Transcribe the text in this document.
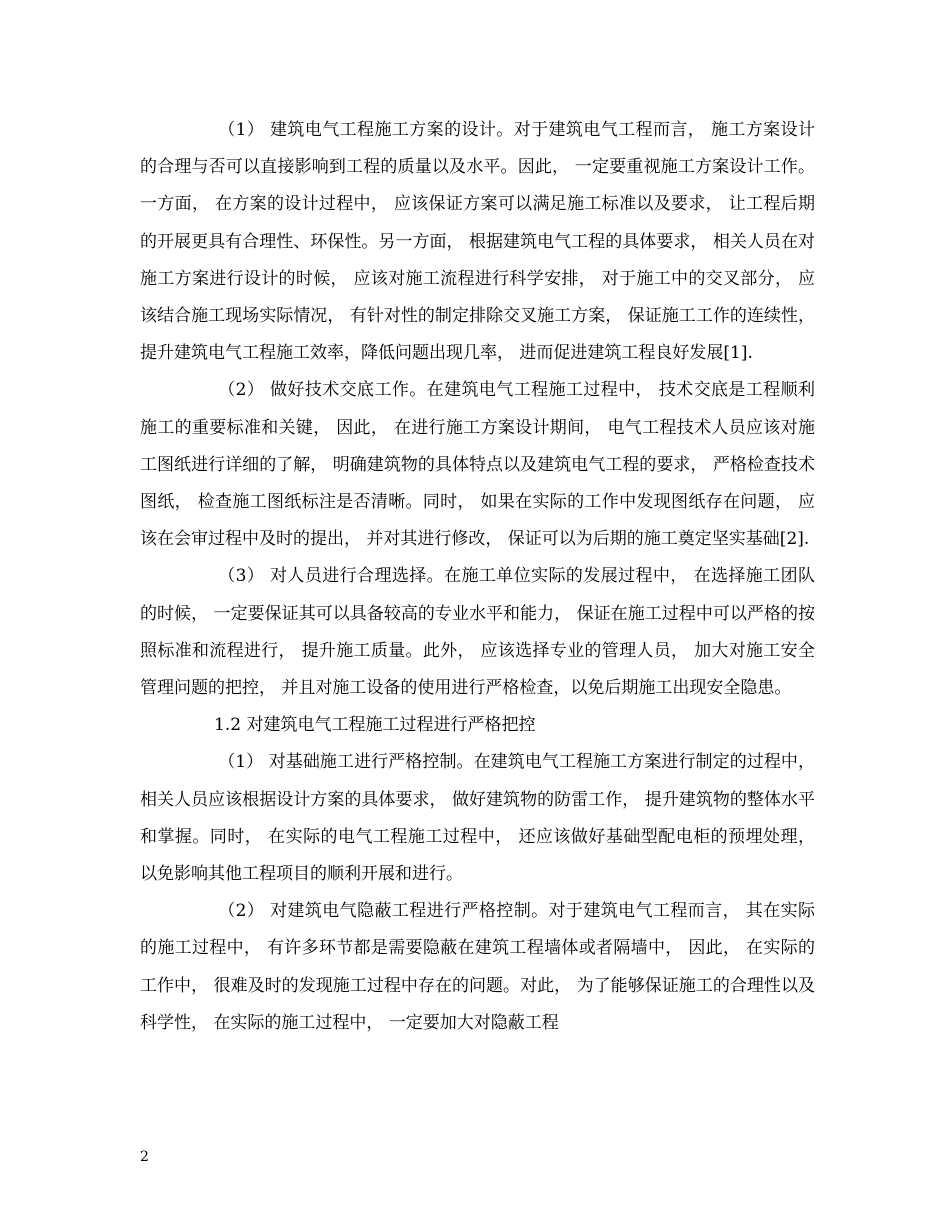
（1） 建筑电气工程施工方案的设计。对于建筑电气工程而言， 施工方案设计的合理与否可以直接影响到工程的质量以及水平。因此， 一定要重视施工方案设计工作。一方面， 在方案的设计过程中， 应该保证方案可以满足施工标准以及要求， 让工程后期的开展更具有合理性、环保性。另一方面， 根据建筑电气工程的具体要求， 相关人员在对施工方案进行设计的时候， 应该对施工流程进行科学安排， 对于施工中的交叉部分， 应该结合施工现场实际情况， 有针对性的制定排除交叉施工方案， 保证施工工作的连续性， 提升建筑电气工程施工效率，降低问题出现几率， 进而促进建筑工程良好发展[1].

（2） 做好技术交底工作。在建筑电气工程施工过程中， 技术交底是工程顺利施工的重要标准和关键， 因此， 在进行施工方案设计期间， 电气工程技术人员应该对施工图纸进行详细的了解， 明确建筑物的具体特点以及建筑电气工程的要求， 严格检查技术图纸， 检查施工图纸标注是否清晰。同时， 如果在实际的工作中发现图纸存在问题， 应该在会审过程中及时的提出， 并对其进行修改， 保证可以为后期的施工奠定坚实基础[2].

（3） 对人员进行合理选择。在施工单位实际的发展过程中， 在选择施工团队的时候， 一定要保证其可以具备较高的专业水平和能力， 保证在施工过程中可以严格的按照标准和流程进行， 提升施工质量。此外， 应该选择专业的管理人员， 加大对施工安全管理问题的把控， 并且对施工设备的使用进行严格检查，以免后期施工出现安全隐患。

1.2 对建筑电气工程施工过程进行严格把控

（1） 对基础施工进行严格控制。在建筑电气工程施工方案进行制定的过程中， 相关人员应该根据设计方案的具体要求， 做好建筑物的防雷工作， 提升建筑物的整体水平和掌握。同时， 在实际的电气工程施工过程中， 还应该做好基础型配电柜的预埋处理， 以免影响其他工程项目的顺利开展和进行。

（2） 对建筑电气隐蔽工程进行严格控制。对于建筑电气工程而言， 其在实际的施工过程中， 有许多环节都是需要隐蔽在建筑工程墙体或者隔墙中， 因此， 在实际的工作中， 很难及时的发现施工过程中存在的问题。对此， 为了能够保证施工的合理性以及科学性， 在实际的施工过程中， 一定要加大对隐蔽工程

2
